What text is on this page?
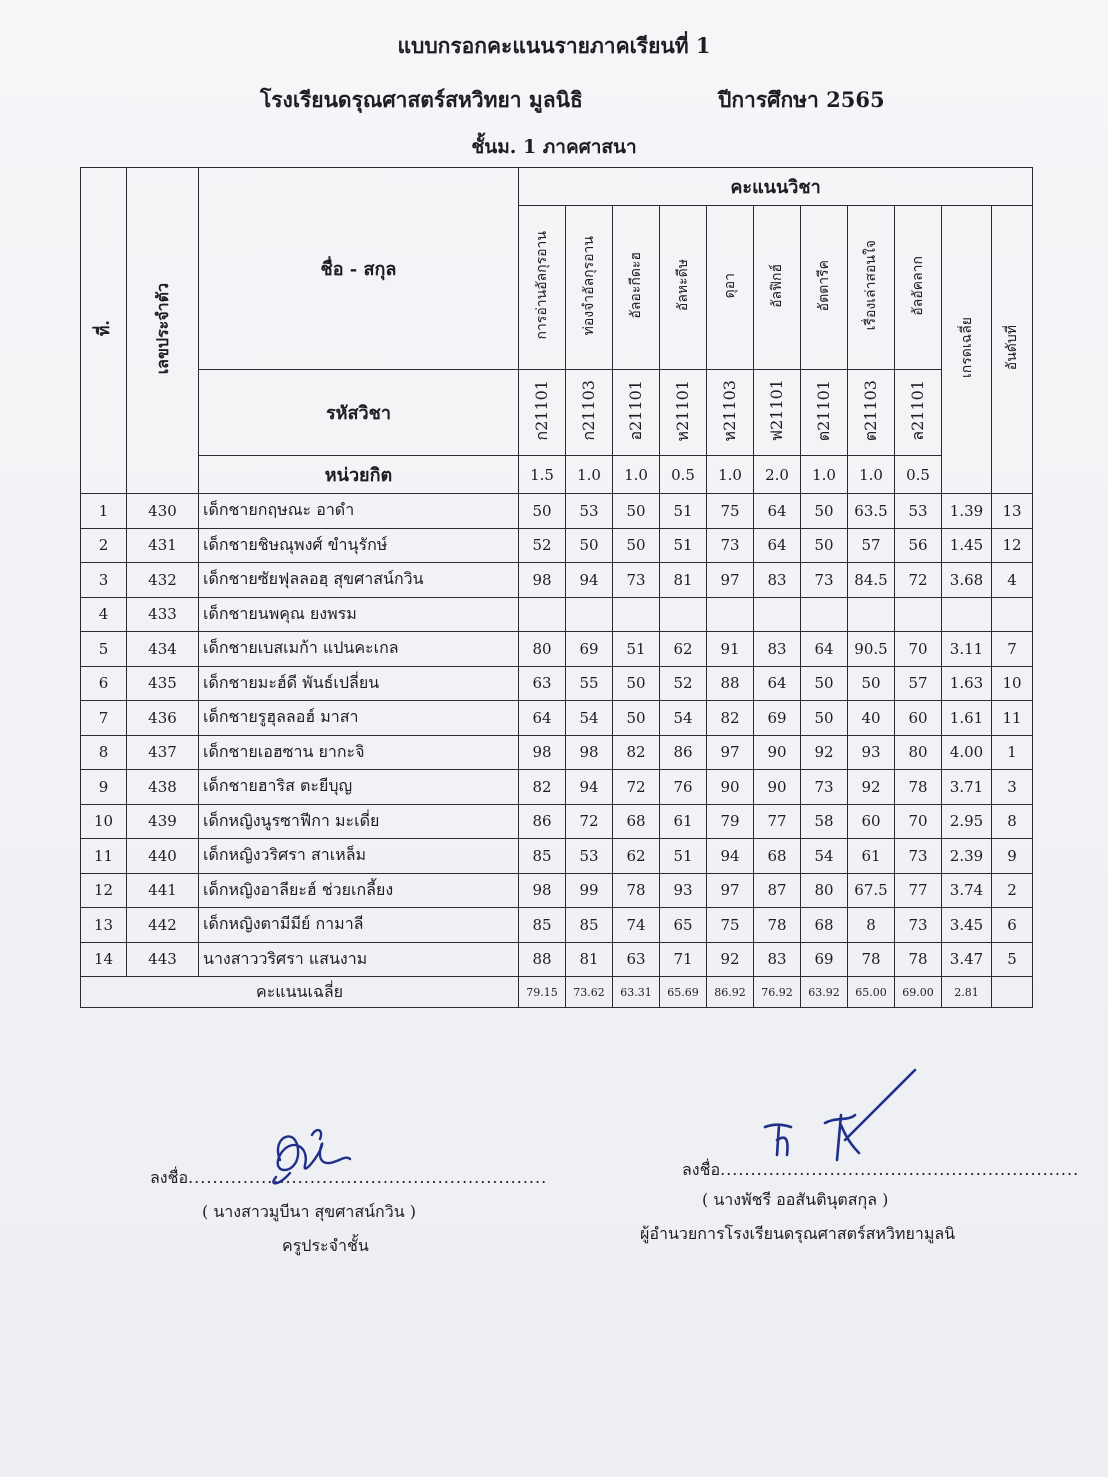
แบบกรอกคะแนนรายภาคเรียนที่ 1
โรงเรียนดรุณศาสตร์สหวิทยา มูลนิธิ	ปีการศึกษา 2565
ชั้นม. 1 ภาคศาสนา
ที่.	เลขประจำตัว	ชื่อ - สกุล	คะแนนวิชา										
			การอ่านอัลกุรอาน	ท่องจำอัลกุรอาน	อัลอะกีดะฮ	อัลหะดีษ	ดุอา	อัลฟิกฮ์	อัตตารีค	เรื่องเล่าสอนใจ	อัลอัคลาก	เกรดเฉลี่ย	อันดับที่
		รหัสวิชา	ก21101	ก21103	อ21101	ห21101	ห21103	ฟ21101	ต21101	ต21103	ล21101		
		หน่วยกิต	1.5	1.0	1.0	0.5	1.0	2.0	1.0	1.0	0.5		
1	430	เด็กชายกฤษณะ อาดำ	50	53	50	51	75	64	50	63.5	53	1.39	13
2	431	เด็กชายชิษณุพงศ์ ขำนุรักษ์	52	50	50	51	73	64	50	57	56	1.45	12
3	432	เด็กชายซัยฟุลลอฮฺ สุขศาสน์กวิน	98	94	73	81	97	83	73	84.5	72	3.68	4
4	433	เด็กชายนพคุณ ยงพรม											
5	434	เด็กชายเบสเมก้า แปนคะเกล	80	69	51	62	91	83	64	90.5	70	3.11	7
6	435	เด็กชายมะฮ์ดี พันธ์เปลี่ยน	63	55	50	52	88	64	50	50	57	1.63	10
7	436	เด็กชายรูฮุลลอฮ์ มาสา	64	54	50	54	82	69	50	40	60	1.61	11
8	437	เด็กชายเอฮซาน ยากะจิ	98	98	82	86	97	90	92	93	80	4.00	1
9	438	เด็กชายฮาริส ตะยีบุญ	82	94	72	76	90	90	73	92	78	3.71	3
10	439	เด็กหญิงนูรซาฟีกา มะเดี่ย	86	72	68	61	79	77	58	60	70	2.95	8
11	440	เด็กหญิงวริศรา สาเหล็ม	85	53	62	51	94	68	54	61	73	2.39	9
12	441	เด็กหญิงอาลียะฮ์ ช่วยเกลี้ยง	98	99	78	93	97	87	80	67.5	77	3.74	2
13	442	เด็กหญิงตามีมีย์ กามาลี	85	85	74	65	75	78	68	8	73	3.45	6
14	443	นางสาววริศรา แสนงาม	88	81	63	71	92	83	69	78	78	3.47	5
คะแนนเฉลี่ย			79.15	73.62	63.31	65.69	86.92	76.92	63.92	65.00	69.00	2.81	
ลงชื่อ...........................................................
( นางสาวมูบีนา สุขศาสน์กวิน )
ครูประจำชั้น
ลงชื่อ...........................................................
( นางพัชรี ออสันตินุตสกุล )
ผู้อำนวยการโรงเรียนดรุณศาสตร์สหวิทยามูลนิ
